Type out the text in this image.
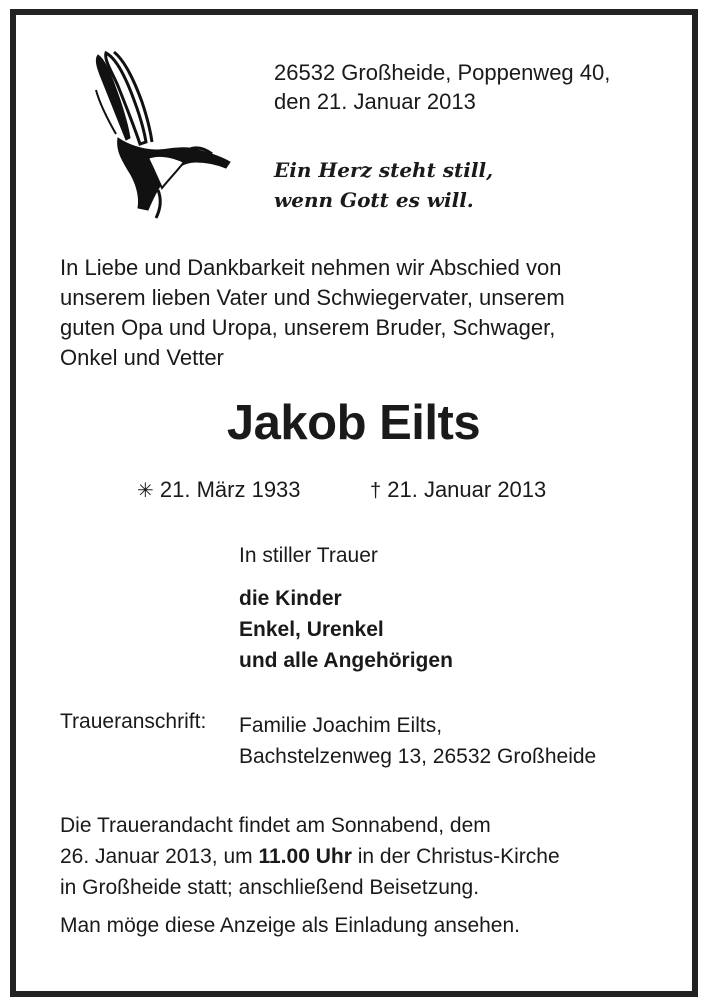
26532 Großheide, Poppenweg 40,
den 21. Januar 2013
Ein Herz steht still,
wenn Gott es will.
In Liebe und Dankbarkeit nehmen wir Abschied von
unserem lieben Vater und Schwiegervater, unserem
guten Opa und Uropa, unserem Bruder, Schwager,
Onkel und Vetter
Jakob Eilts
✳ 21. März 1933	† 21. Januar 2013
In stiller Trauer
die Kinder
Enkel, Urenkel
und alle Angehörigen
Traueranschrift: Familie Joachim Eilts,
Bachstelzenweg 13, 26532 Großheide
Die Trauerandacht findet am Sonnabend, dem
26. Januar 2013, um 11.00 Uhr in der Christus-Kirche
in Großheide statt; anschließend Beisetzung.
Man möge diese Anzeige als Einladung ansehen.
